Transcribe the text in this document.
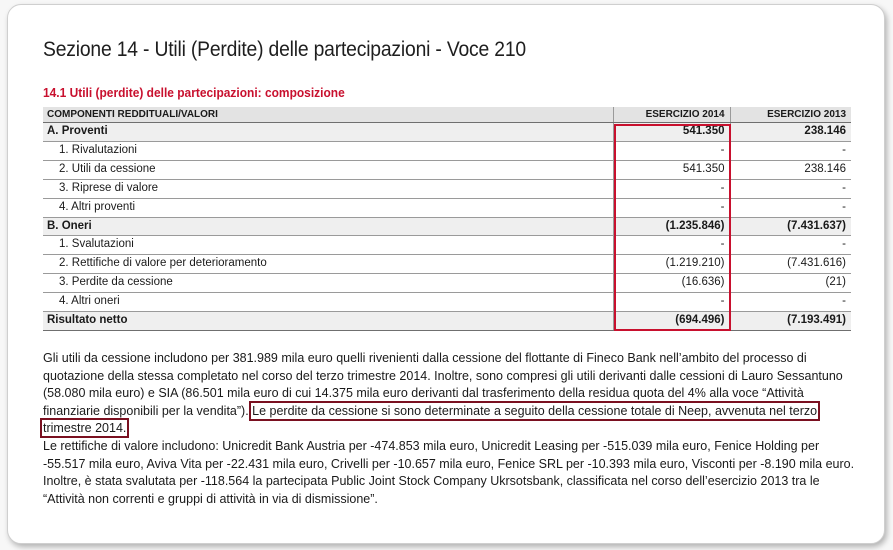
Sezione 14 - Utili (Perdite) delle partecipazioni - Voce 210
14.1 Utili (perdite) delle partecipazioni: composizione
COMPONENTI REDDITUALI/VALORI	ESERCIZIO 2014	ESERCIZIO 2013
A. Proventi	541.350	238.146
1. Rivalutazioni	-	-
2. Utili da cessione	541.350	238.146
3. Riprese di valore	-	-
4. Altri proventi	-	-
B. Oneri	(1.235.846)	(7.431.637)
1. Svalutazioni	-	-
2. Rettifiche di valore per deterioramento	(1.219.210)	(7.431.616)
3. Perdite da cessione	(16.636)	(21)
4. Altri oneri	-	-
Risultato netto	(694.496)	(7.193.491)
Gli utili da cessione includono per 381.989 mila euro quelli rivenienti dalla cessione del flottante di Fineco Bank nell’ambito del processo di quotazione della stessa completato nel corso del terzo trimestre 2014. Inoltre, sono compresi gli utili derivanti dalle cessioni di Lauro Sessantuno (58.080 mila euro) e SIA (86.501 mila euro di cui 14.375 mila euro derivanti dal trasferimento della residua quota del 4% alla voce “Attività finanziarie disponibili per la vendita”). Le perdite da cessione si sono determinate a seguito della cessione totale di Neep, avvenuta nel terzo trimestre 2014.
Le rettifiche di valore includono: Unicredit Bank Austria per -474.853 mila euro, Unicredit Leasing per -515.039 mila euro, Fenice Holding per -55.517 mila euro, Aviva Vita per -22.431 mila euro, Crivelli per -10.657 mila euro, Fenice SRL per -10.393 mila euro, Visconti per -8.190 mila euro. Inoltre, è stata svalutata per -118.564 la partecipata Public Joint Stock Company Ukrsotsbank, classificata nel corso dell’esercizio 2013 tra le “Attività non correnti e gruppi di attività in via di dismissione”.
